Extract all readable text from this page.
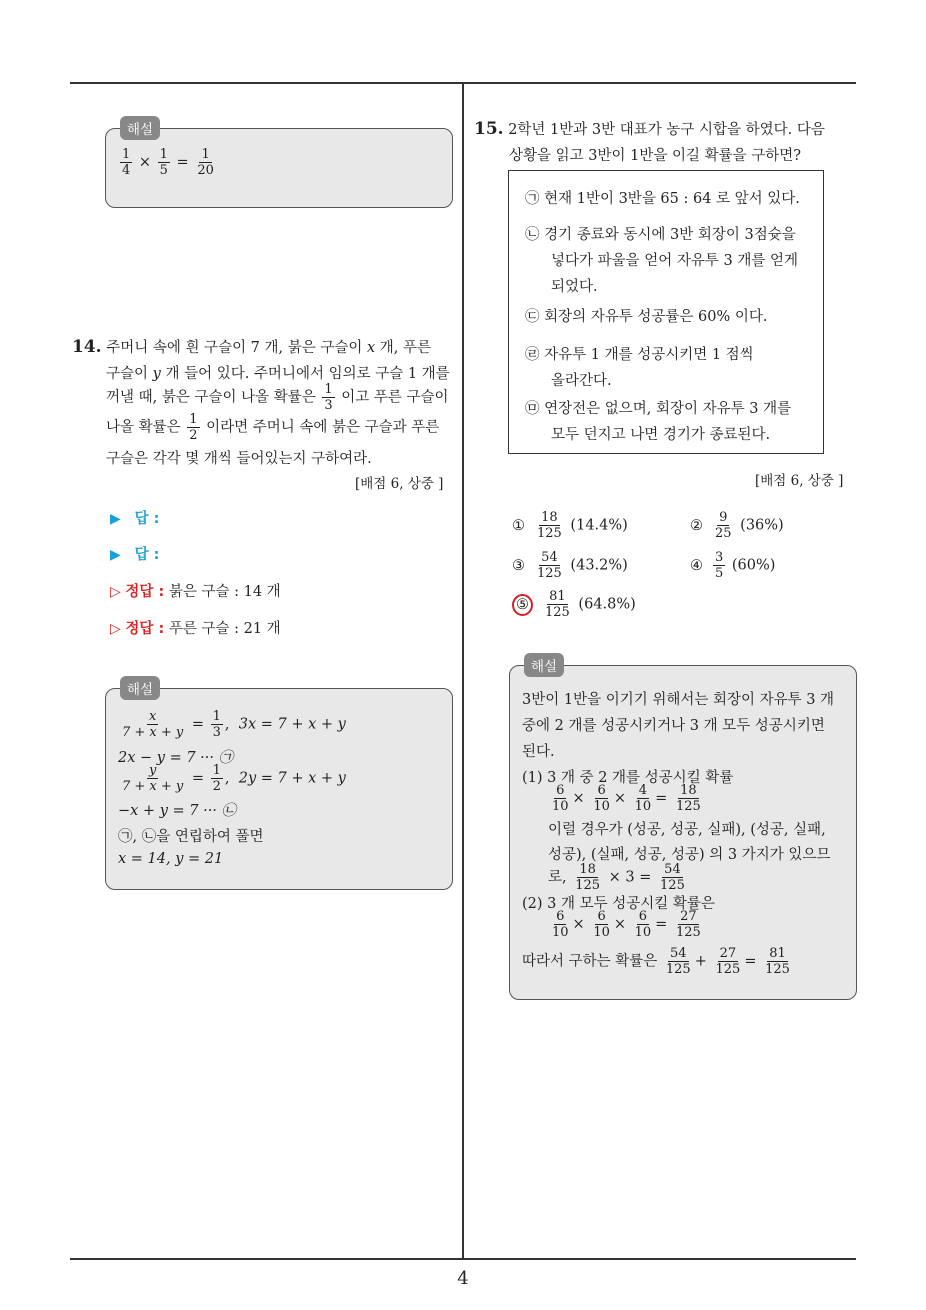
해설
$\frac{1}{4} \times \frac{1}{5} = \frac{1}{20}$
14. 주머니 속에 흰 구슬이 7 개, 붉은 구슬이 x 개, 푸른
구슬이 y 개 들어 있다. 주머니에서 임의로 구슬 1 개를
꺼낼 때, 붉은 구슬이 나올 확률은 $\frac{1}{3}$ 이고 푸른 구슬이
나올 확률은 $\frac{1}{2}$ 이라면 주머니 속에 붉은 구슬과 푸른
구슬은 각각 몇 개씩 들어있는지 구하여라.
[배점 6, 상중 ]
▶ 답 :
▶ 답 :
▷ 정답 : 붉은 구슬 : 14 개
▷ 정답 : 푸른 구슬 : 21 개
해설
$\frac{x}{7 + x + y} = \frac{1}{3}$ ,  3x = 7 + x + y
2x − y = 7 ··· ㉠
$\frac{y}{7 + x + y} = \frac{1}{2}$ ,  2y = 7 + x + y
−x + y = 7 ··· ㉡
㉠, ㉡을 연립하여 풀면
x = 14, y = 21
15. 2학년 1반과 3반 대표가 농구 시합을 하였다. 다음
상황을 읽고 3반이 1반을 이길 확률을 구하면?
㉠ 현재 1반이 3반을 65 : 64 로 앞서 있다.
㉡ 경기 종료와 동시에 3반 회장이 3점슛을
넣다가 파울을 얻어 자유투 3 개를 얻게
되었다.
㉢ 회장의 자유투 성공률은 60% 이다.
㉣ 자유투 1 개를 성공시키면 1 점씩
올라간다.
㉤ 연장전은 없으며, 회장이 자유투 3 개를
모두 던지고 나면 경기가 종료된다.
[배점 6, 상중 ]
① $\frac{18}{125} (14.4\%)$	② $\frac{9}{25} (36\%)$
③ $\frac{54}{125} (43.2\%)$	④ $\frac{3}{5} (60\%)$
⑤ $\frac{81}{125} (64.8\%)$
해설
3반이 1반을 이기기 위해서는 회장이 자유투 3 개
중에 2 개를 성공시키거나 3 개 모두 성공시키면
된다.
(1) 3 개 중 2 개를 성공시킬 확률
$\frac{6}{10} \times \frac{6}{10} \times \frac{4}{10} = \frac{18}{125}$
이럴 경우가 (성공, 성공, 실패), (성공, 실패,
성공), (실패, 성공, 성공) 의 3 가지가 있으므
로, $\frac{18}{125} \times 3 = \frac{54}{125}$
(2) 3 개 모두 성공시킬 확률은
$\frac{6}{10} \times \frac{6}{10} \times \frac{6}{10} = \frac{27}{125}$
따라서 구하는 확률은 $\frac{54}{125} + \frac{27}{125} = \frac{81}{125}$
4
